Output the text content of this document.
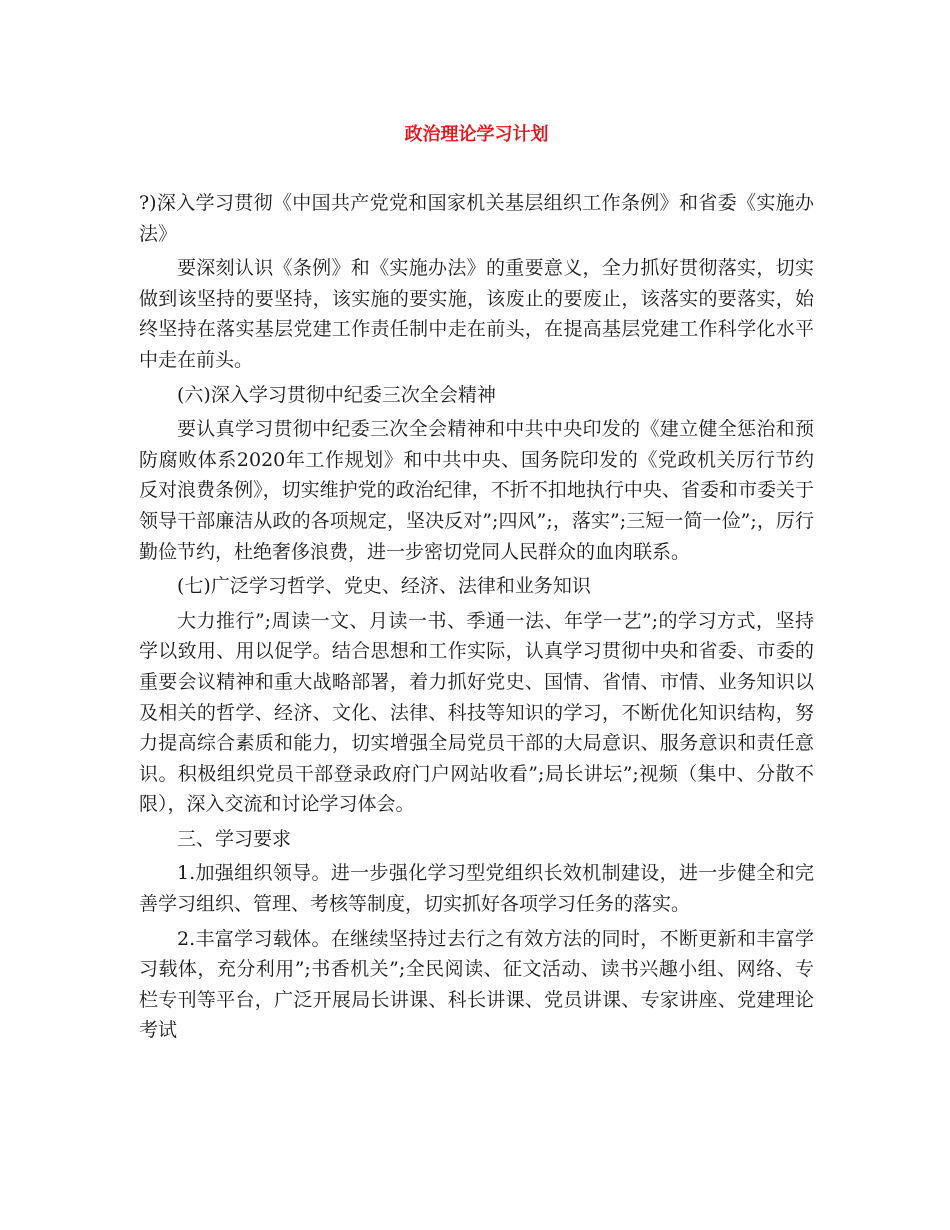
政治理论学习计划

?)深入学习贯彻《中国共产党党和国家机关基层组织工作条例》和省委《实施办法》

要深刻认识《条例》和《实施办法》的重要意义，全力抓好贯彻落实，切实做到该坚持的要坚持，该实施的要实施，该废止的要废止，该落实的要落实，始终坚持在落实基层党建工作责任制中走在前头，在提高基层党建工作科学化水平中走在前头。

(六)深入学习贯彻中纪委三次全会精神

要认真学习贯彻中纪委三次全会精神和中共中央印发的《建立健全惩治和预防腐败体系2020年工作规划》和中共中央、国务院印发的《党政机关厉行节约反对浪费条例》，切实维护党的政治纪律，不折不扣地执行中央、省委和市委关于领导干部廉洁从政的各项规定，坚决反对”;四风”;，落实”;三短一简一俭”;，厉行勤俭节约，杜绝奢侈浪费，进一步密切党同人民群众的血肉联系。

(七)广泛学习哲学、党史、经济、法律和业务知识

大力推行”;周读一文、月读一书、季通一法、年学一艺”;的学习方式，坚持学以致用、用以促学。结合思想和工作实际，认真学习贯彻中央和省委、市委的重要会议精神和重大战略部署，着力抓好党史、国情、省情、市情、业务知识以及相关的哲学、经济、文化、法律、科技等知识的学习，不断优化知识结构，努力提高综合素质和能力，切实增强全局党员干部的大局意识、服务意识和责任意识。积极组织党员干部登录政府门户网站收看”;局长讲坛”;视频（集中、分散不限），深入交流和讨论学习体会。

三、学习要求

1.加强组织领导。进一步强化学习型党组织长效机制建设，进一步健全和完善学习组织、管理、考核等制度，切实抓好各项学习任务的落实。

2.丰富学习载体。在继续坚持过去行之有效方法的同时，不断更新和丰富学习载体，充分利用”;书香机关”;全民阅读、征文活动、读书兴趣小组、网络、专栏专刊等平台，广泛开展局长讲课、科长讲课、党员讲课、专家讲座、党建理论考试
